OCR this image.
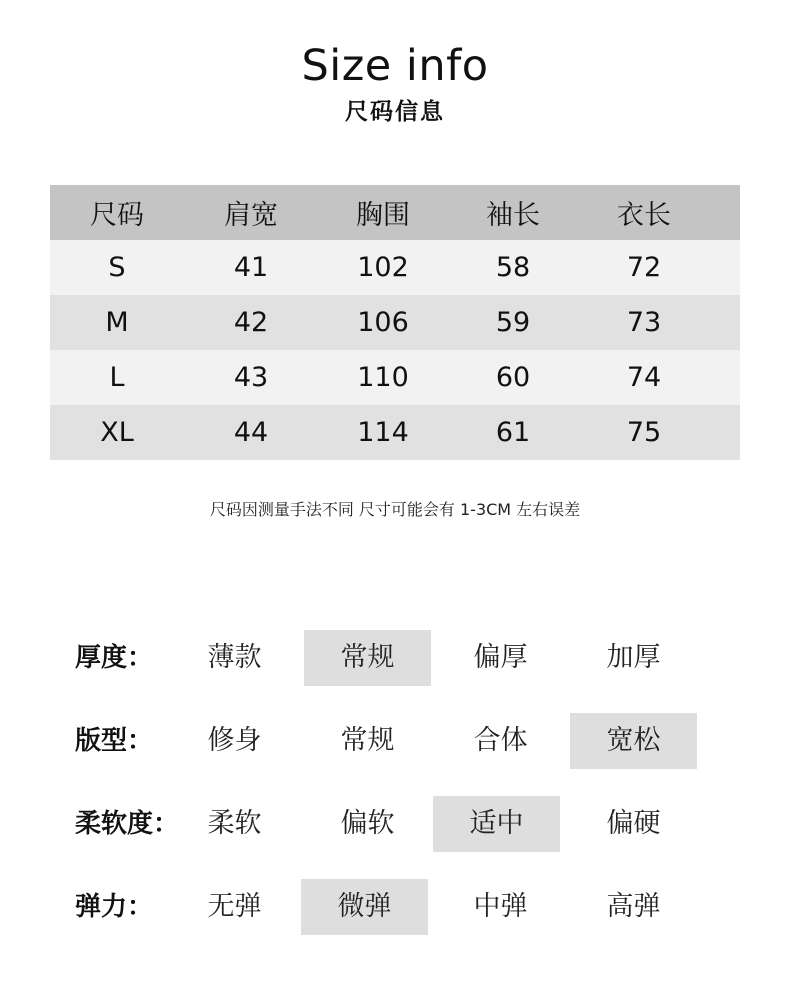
Size info
尺码信息
尺码	肩宽	胸围	袖长	衣长	
S	41	102	58	72	
M	42	106	59	73	
L	43	110	60	74	
XL	44	114	61	75	
尺码因测量手法不同 尺寸可能会有 1-3CM 左右误差
厚度：	薄款	常规	偏厚	加厚
版型：	修身	常规	合体	宽松
柔软度：	柔软	偏软	适中	偏硬
弹力：	无弹	微弹	中弹	高弹
